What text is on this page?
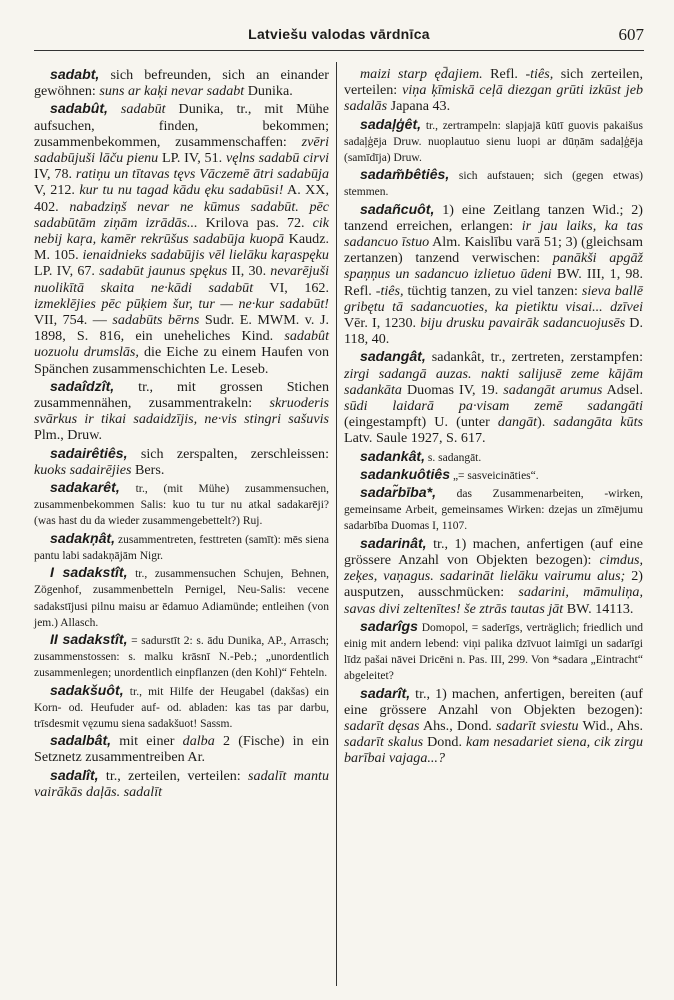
Latviešu valodas vārdnīca	607

sadabt, sich befreunden, sich an einander gewöhnen: suns ar kaķi nevar sadabt Dunika.

sadabût, sadabūt Dunika, tr., mit Mühe aufsuchen, finden, bekommen; zusammenbekommen, zusammenschaffen: zvēri sadabūjuši lāču pienu LP. IV, 51. vęlns sadabū cirvi IV, 78. ratiņu un tītavas tęvs Vāczemē ātri sadabūja V, 212. kur tu nu tagad kādu ęku sadabūsi! A. XX, 402. nabadziņš nevar ne kūmus sadabūt. pēc sadabūtām ziņām izrādās... Krilova pas. 72. cik nebij kaŗa, kamēr rekrūšus sadabūja kuopā Kaudz. M. 105. ienaidnieks sadabūjis vēl lielāku kaŗaspęku LP. IV, 67. sadabūt jaunus spękus II, 30. nevarējuši nuolikītā skaita ne·kādi sadabūt VI, 162. izmeklējies pēc pūķiem šur, tur — ne·kur sadabūt! VII, 754. — sadabūts bērns Sudr. E. MWM. v. J. 1898, S. 816, ein uneheliches Kind. sadabût uozuolu drumslās, die Eiche zu einem Haufen von Spänchen zusammenschichten Le. Leseb.

sadaîdzît, tr., mit grossen Stichen zusammennähen, zusammentrakeln: skruoderis svārkus ir tikai sadaidzījis, ne·vis stingri sašuvis Plm., Druw.

sadairêtiês, sich zerspalten, zerschleissen: kuoks sadairējies Bers.

sadakarêt, tr., (mit Mühe) zusammensuchen, zusammenbekommen Salis: kuo tu tur nu atkal sadakarēji? (was hast du da wieder zusammengebettelt?) Ruj.

sadakņât, zusammentreten, festtreten (samīt): mēs siena pantu labi sadakņājām Nigr.

I sadakstît, tr., zusammensuchen Schujen, Behnen, Zögenhof, zusammenbetteln Pernigel, Neu-Salis: vecene sadakstījusi pilnu maisu ar ēdamuo Adiamünde; entleihen (von jem.) Allasch.

II sadakstît, = sadurstīt 2: s. ādu Dunika, AP., Arrasch; zusammenstossen: s. malku krāsnī N.-Peb.; „unordentlich zusammenlegen; unordentlich einpflanzen (den Kohl)“ Fehteln.

sadakšuôt, tr., mit Hilfe der Heugabel (dakšas) ein Korn- od. Heufuder auf- od. abladen: kas tas par darbu, trīsdesmit vęzumu siena sadakšuot! Sassm.

sadalbât, mit einer dalba 2 (Fische) in ein Setznetz zusammentreiben Ar.

sadalît, tr., zerteilen, verteilen: sadalīt mantu vairākās daļās. sadalīt

maizi starp ęd̄ajiem. Refl. -tiês, sich zerteilen, verteilen: viņa ķīmiskā ceļā diezgan grūti izkūst jeb sadalās Japana 43.

sadaļģêt, tr., zertrampeln: slapjajā kūtī guovis pakaišus sadaļģēja Druw. nuoplautuo sienu luopi ar dūņām sadaļģēja (samīdīja) Druw.

sadam̃bêtiês, sich aufstauen; sich (gegen etwas) stemmen.

sadañcuôt, 1) eine Zeitlang tanzen Wid.; 2) tanzend erreichen, erlangen: ir jau laiks, ka tas sadancuo īstuo Alm. Kaislību varā 51; 3) (gleichsam zertanzen) tanzend verwischen: panākši apgāž spaņņus un sadancuo izlietuo ūdeni BW. III, 1, 98. Refl. -tiês, tüchtig tanzen, zu viel tanzen: sieva ballē gribętu tā sadancuoties, ka pietiktu visai... dzīvei Vēr. I, 1230. biju drusku pavairāk sadancuojusēs D. 118, 40.

sadangât, sadankât, tr., zertreten, zerstampfen: zirgi sadangā auzas. nakti salijusē zeme kājām sadankāta Duomas IV, 19. sadangāt arumus Adsel. sūdi laidarā pa·visam zemē sadangāti (eingestampft) U. (unter dangāt). sadangāta kūts Latv. Saule 1927, S. 617.

sadankât, s. sadangāt.

sadankuôtiês „= sasveicināties“.

sadar̃bība*, das Zusammenarbeiten, -wirken, gemeinsame Arbeit, gemeinsames Wirken: dzejas un zīmējumu sadarbība Duomas I, 1107.

sadarinât, tr., 1) machen, anfertigen (auf eine grössere Anzahl von Objekten bezogen): cimdus, zeķes, vaņagus. sadarināt lielāku vairumu alus; 2) ausputzen, ausschmücken: sadarini, māmuliņa, savas divi zeltenītes! še ztrās tautas jāt BW. 14113.

sadarîgs Domopol, = saderīgs, verträglich; friedlich und einig mit andern lebend: viņi palika dzīvuot laimīgi un sadarīgi līdz pašai nāvei Dricēni n. Pas. III, 299. Von *sadara „Eintracht“ abgeleitet?

sadarît, tr., 1) machen, anfertigen, bereiten (auf eine grössere Anzahl von Objekten bezogen): sadarīt dęsas Ahs., Dond. sadarīt sviestu Wid., Ahs. sadarīt skalus Dond. kam nesadariet siena, cik zirgu barībai vajaga...?
